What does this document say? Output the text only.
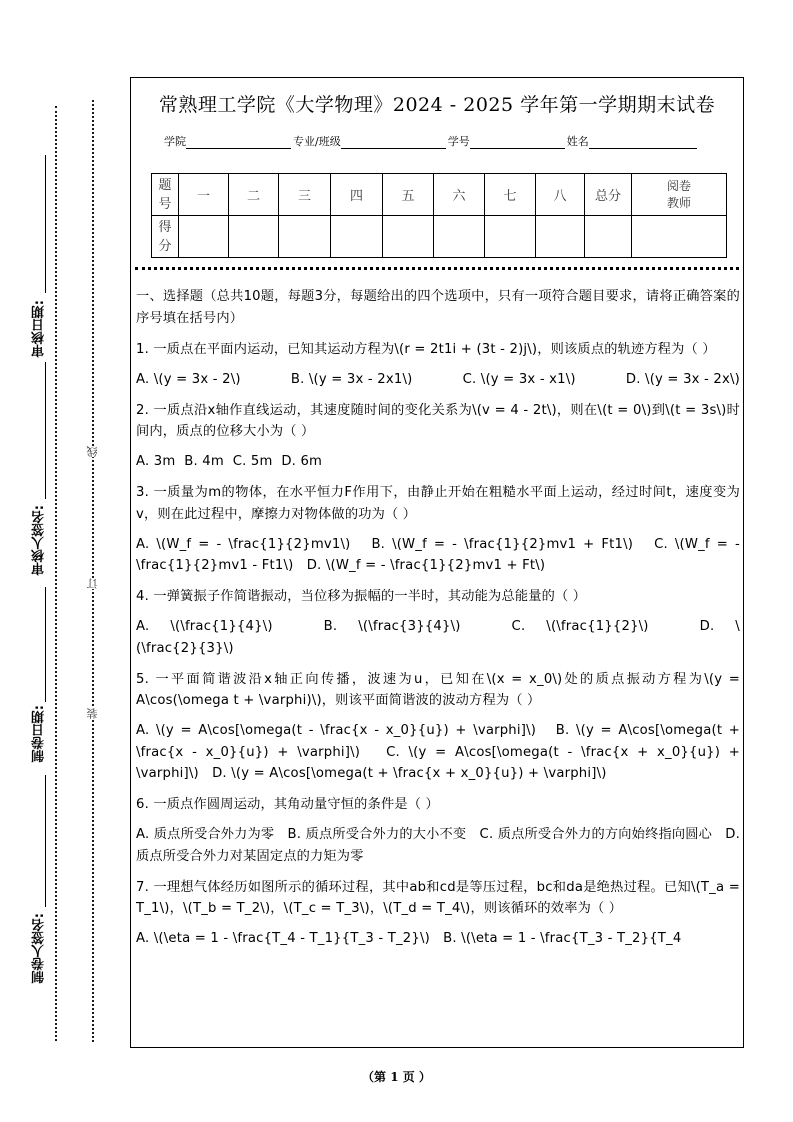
审核日期:
审核人签名:
制卷日期:
制卷人签名:
线
订
装
常熟理工学院《大学物理》2024 - 2025 学年第一学期期末试卷
学院	专业/班级	学号	姓名
题
号	一	二	三	四	五	六	七	八	总分	阅卷
教师
得
分										

一、选择题（总共10题，每题3分，每题给出的四个选项中，只有一项符合题目要求，请将正确答案的序号填在括号内）

1. 一质点在平面内运动，已知其运动方程为\(r = 2t1i + (3t - 2)j\)，则该质点的轨迹方程为（ ）

A. \(y = 3x - 2\)	B. \(y = 3x - 2x1\)	C. \(y = 3x - x1\)	D. \(y = 3x - 2x\)

2. 一质点沿x轴作直线运动，其速度随时间的变化关系为\(v = 4 - 2t\)，则在\(t = 0\)到\(t = 3s\)时间内，质点的位移大小为（ ）

A. 3m B. 4m C. 5m D. 6m

3. 一质量为m的物体，在水平恒力F作用下，由静止开始在粗糙水平面上运动，经过时间t，速度变为v，则在此过程中，摩擦力对物体做的功为（ ）

A. \(W_f = - \frac{1}{2}mv1\) B. \(W_f = - \frac{1}{2}mv1 + Ft1\) C. \(W_f = - \frac{1}{2}mv1 - Ft1\) D. \(W_f = - \frac{1}{2}mv1 + Ft\)

4. 一弹簧振子作简谐振动，当位移为振幅的一半时，其动能为总能量的（ ）

A. \(\frac{1}{4}\)	B. \(\frac{3}{4}\)	C. \(\frac{1}{2}\)	D. \(\frac{2}{3}\)

5. 一平面简谐波沿x轴正向传播，波速为u，已知在\(x = x_0\)处的质点振动方程为\(y = A\cos(\omega t + \varphi)\)，则该平面简谐波的波动方程为（ ）

A. \(y = A\cos[\omega(t - \frac{x - x_0}{u}) + \varphi]\) B. \(y = A\cos[\omega(t + \frac{x - x_0}{u}) + \varphi]\) C. \(y = A\cos[\omega(t - \frac{x + x_0}{u}) + \varphi]\) D. \(y = A\cos[\omega(t + \frac{x + x_0}{u}) + \varphi]\)

6. 一质点作圆周运动，其角动量守恒的条件是（ ）

A. 质点所受合外力为零 B. 质点所受合外力的大小不变 C. 质点所受合外力的方向始终指向圆心 D. 质点所受合外力对某固定点的力矩为零

7. 一理想气体经历如图所示的循环过程，其中ab和cd是等压过程，bc和da是绝热过程。已知\(T_a = T_1\)，\(T_b = T_2\)，\(T_c = T_3\)，\(T_d = T_4\)，则该循环的效率为（ ）

A. \(\eta = 1 - \frac{T_4 - T_1}{T_3 - T_2}\) B. \(\eta = 1 - \frac{T_3 - T_2}{T_4

（第 1 页 ）
